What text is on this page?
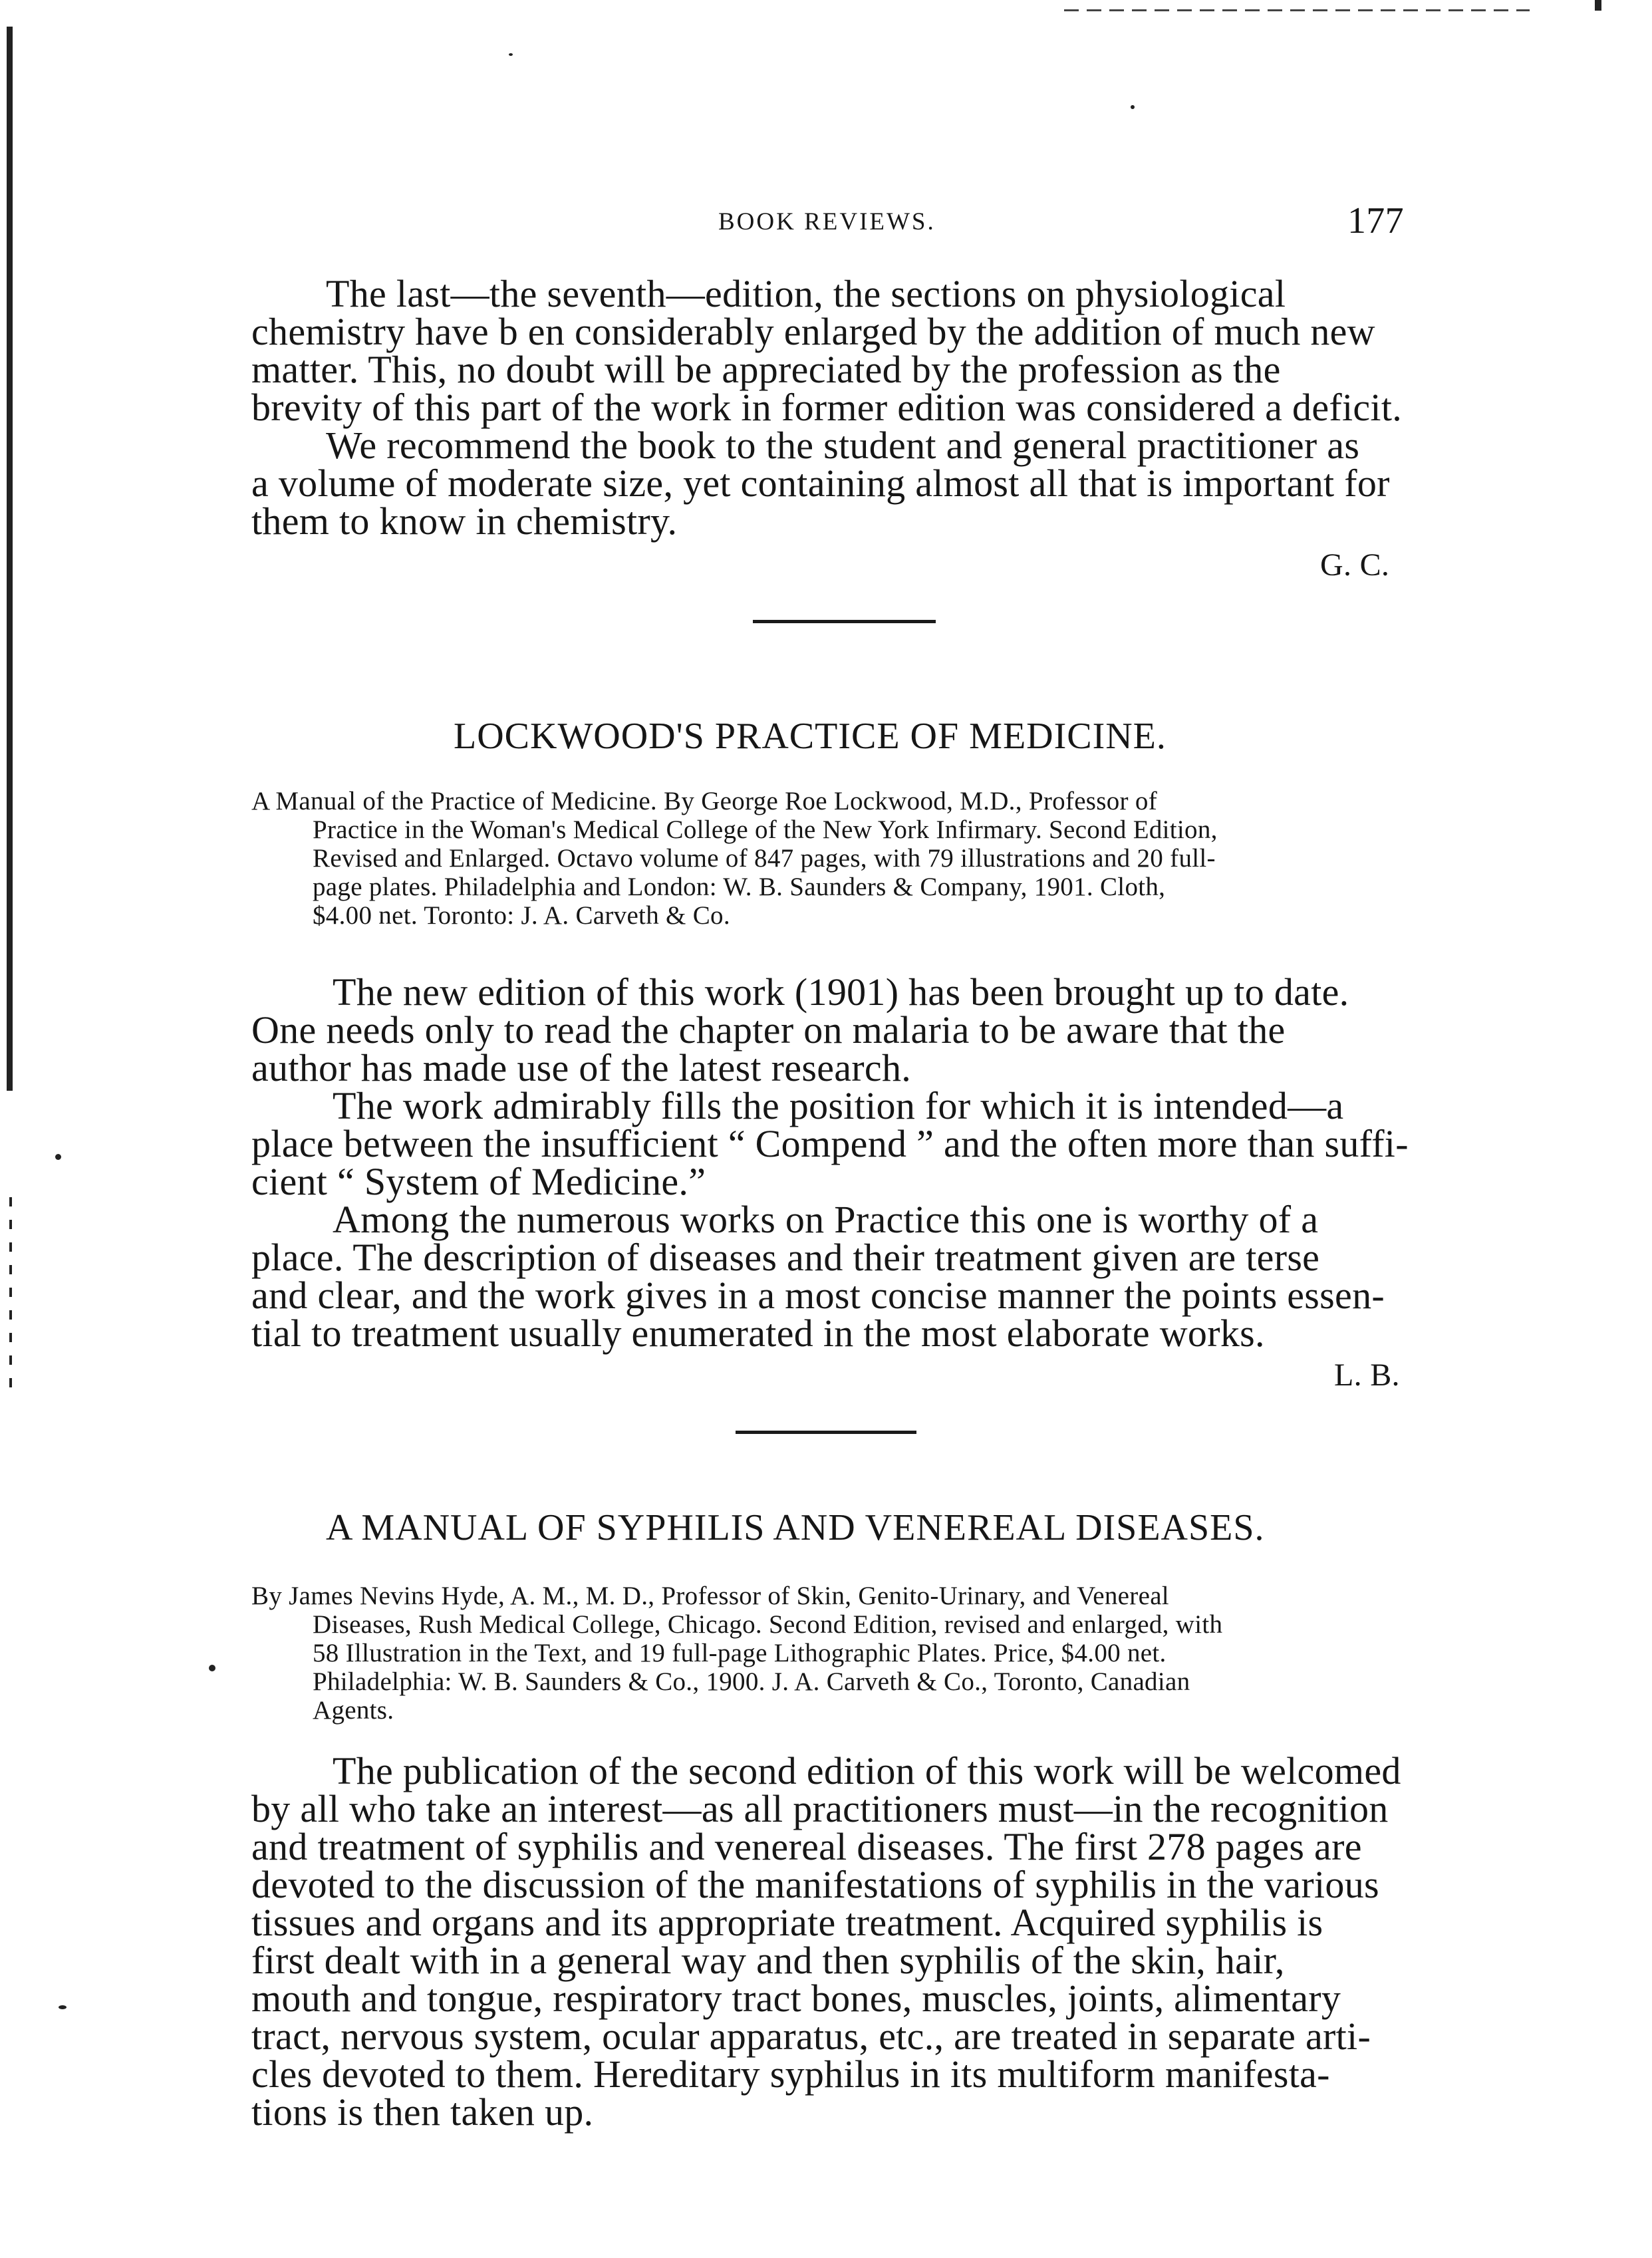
BOOK REVIEWS.	177
The last—the seventh—edition, the sections on physiological
chemistry have b en considerably enlarged by the addition of much new
matter. This, no doubt will be appreciated by the profession as the
brevity of this part of the work in former edition was considered a deficit.
We recommend the book to the student and general practitioner as
a volume of moderate size, yet containing almost all that is important for
them to know in chemistry.
G. C.
LOCKWOOD'S PRACTICE OF MEDICINE.
A Manual of the Practice of Medicine. By George Roe Lockwood, M.D., Professor of
Practice in the Woman's Medical College of the New York Infirmary. Second Edition,
Revised and Enlarged. Octavo volume of 847 pages, with 79 illustrations and 20 full-
page plates. Philadelphia and London: W. B. Saunders & Company, 1901. Cloth,
$4.00 net. Toronto: J. A. Carveth & Co.
The new edition of this work (1901) has been brought up to date.
One needs only to read the chapter on malaria to be aware that the
author has made use of the latest research.
The work admirably fills the position for which it is intended—a
place between the insufficient “ Compend ” and the often more than suffi-
cient “ System of Medicine.”
Among the numerous works on Practice this one is worthy of a
place. The description of diseases and their treatment given are terse
and clear, and the work gives in a most concise manner the points essen-
tial to treatment usually enumerated in the most elaborate works.
L. B.
A MANUAL OF SYPHILIS AND VENEREAL DISEASES.
By James Nevins Hyde, A. M., M. D., Professor of Skin, Genito-Urinary, and Venereal
Diseases, Rush Medical College, Chicago. Second Edition, revised and enlarged, with
58 Illustration in the Text, and 19 full-page Lithographic Plates. Price, $4.00 net.
Philadelphia: W. B. Saunders & Co., 1900. J. A. Carveth & Co., Toronto, Canadian
Agents.
The publication of the second edition of this work will be welcomed
by all who take an interest—as all practitioners must—in the recognition
and treatment of syphilis and venereal diseases. The first 278 pages are
devoted to the discussion of the manifestations of syphilis in the various
tissues and organs and its appropriate treatment. Acquired syphilis is
first dealt with in a general way and then syphilis of the skin, hair,
mouth and tongue, respiratory tract bones, muscles, joints, alimentary
tract, nervous system, ocular apparatus, etc., are treated in separate arti-
cles devoted to them. Hereditary syphilus in its multiform manifesta-
tions is then taken up.
